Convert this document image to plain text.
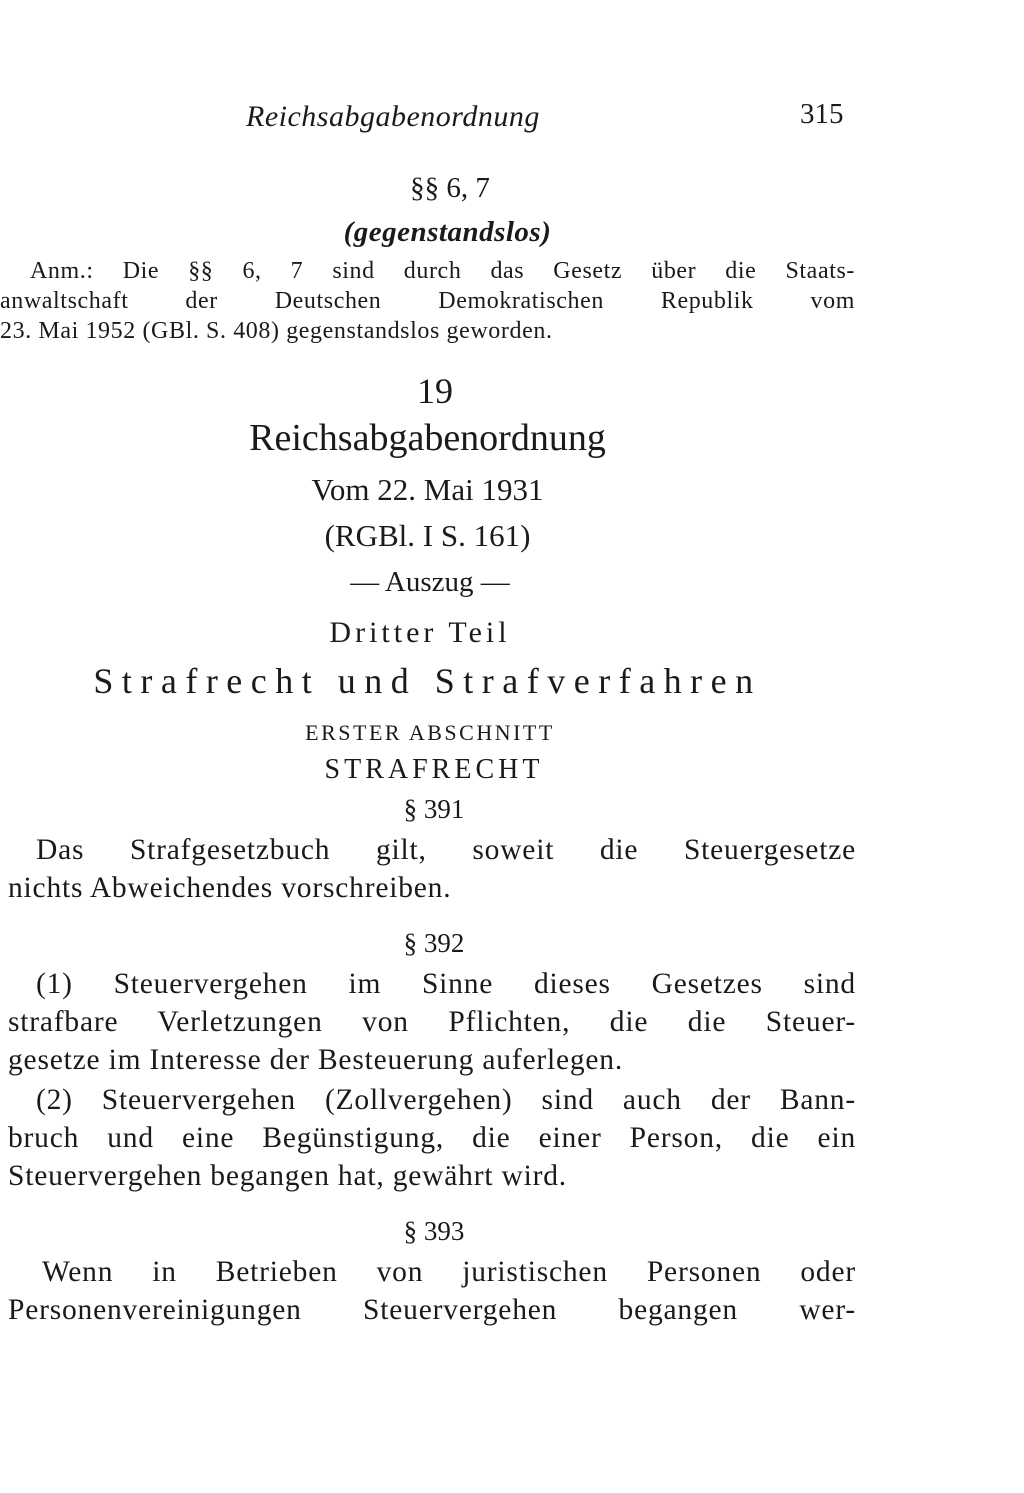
Reichsabgabenordnung	315
§§ 6, 7
(gegenstandslos)
Anm.: Die §§ 6, 7 sind durch das Gesetz über die Staats-
anwaltschaft der Deutschen Demokratischen Republik vom
23. Mai 1952 (GBl. S. 408) gegenstandslos geworden.
19
Reichsabgabenordnung
Vom 22. Mai 1931
(RGBl. I S. 161)
— Auszug —
Dritter Teil
Strafrecht und Strafverfahren
ERSTER ABSCHNITT
STRAFRECHT
§ 391
Das Strafgesetzbuch gilt, soweit die Steuergesetze
nichts Abweichendes vorschreiben.
§ 392
(1) Steuervergehen im Sinne dieses Gesetzes sind
strafbare Verletzungen von Pflichten, die die Steuer-
gesetze im Interesse der Besteuerung auferlegen.
(2) Steuervergehen (Zollvergehen) sind auch der Bann-
bruch und eine Begünstigung, die einer Person, die ein
Steuervergehen begangen hat, gewährt wird.
§ 393
Wenn in Betrieben von juristischen Personen oder
Personenvereinigungen Steuervergehen begangen wer-
